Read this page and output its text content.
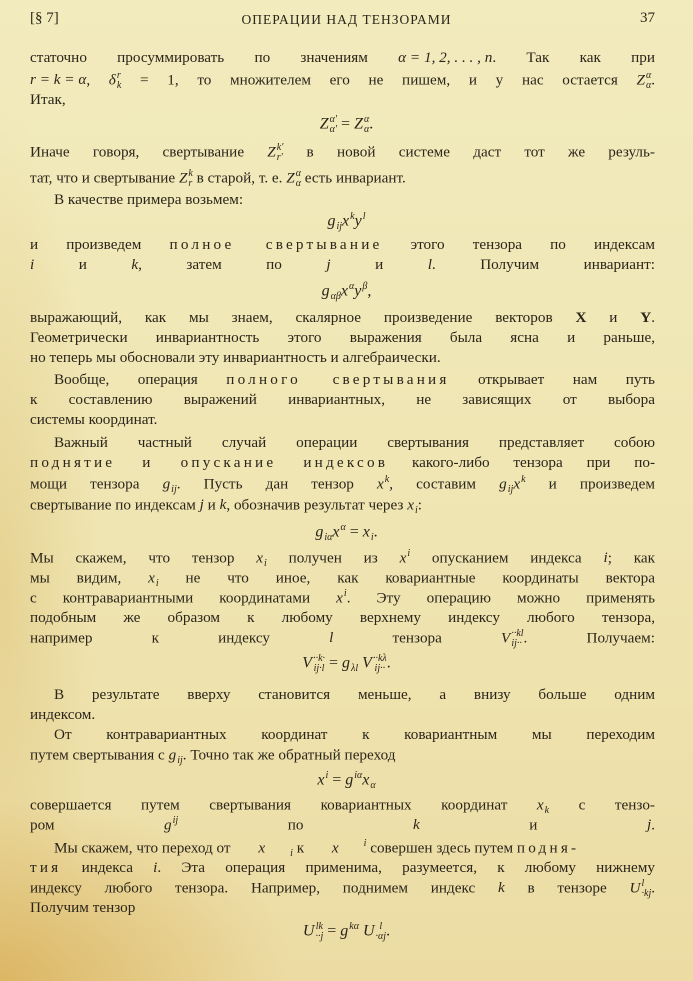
[§ 7]	ОПЕРАЦИИ НАД ТЕНЗОРАМИ	37
статочно просуммировать по значениям α = 1, 2, . . . , n. Так как при
r = k = α, δ r
k = 1, то множителем его не пишем, и у нас остается Z α
α .
Итак,
Иначе говоря, свертывание Z k'
r' в новой системе даст тот же резуль-
тат, что и свертывание Z k
r в старой, т. е. Z α
α есть инвариант.
В качестве примера возьмем:
и произведем полное свертывание этого тензора по индексам
i и k, затем по j и l. Получим инвариант:
выражающий, как мы знаем, скалярное произведение векторов X и Y.
Геометрически инвариантность этого выражения была ясна и раньше,
но теперь мы обосновали эту инвариантность и алгебраически.
Вообще, операция полного свертывания открывает нам путь
к составлению выражений инвариантных, не зависящих от выбора
системы координат.
Важный частный случай операции свертывания представляет собою
поднятие и опускание индексов какого-либо тензора при по-
мощи тензора g
ij . Пусть дан тензор x k
, составим g
ij x k
и произведем
свертывание по индексам j и k, обозначив результат через x
i :
Мы скажем, что тензор x
i получен из x i
опусканием индекса i; как
мы видим, x
i не что иное, как ковариантные координаты вектора
с контравариантными координатами x i
. Эту операцию можно применять
подобным же образом к любому верхнему индексу любого тензора,
например к индексу l тензора V ··kl
ij·· . Получаем:
В результате вверху становится меньше, а внизу больше одним
индексом.
От контравариантных координат к ковариантным мы переходим
путем свертывания с g
ij . Точно так же обратный переход
совершается путем свертывания ковариантных координат x
k с тензо-
ром g ij
по k и j.
Мы скажем, что переход от x
	i к x	i
совершен здесь путем подня-
тия индекса i. Эта операция применима, разумеется, к любому нижнему
индексу любого тензора. Например, поднимем индекс k в тензоре U l
·kj .
Получим тензор
Z α'
α' = Z α
α .
g
ij x k
y l

g
αβ x α
y β
,
g
iα x α
= x
i .
V ··k·
ij·l = g
λl V ··kλ
ij·· .
x i
= g iα
x
α
U lk
··j = g kα
U l
·αj .
